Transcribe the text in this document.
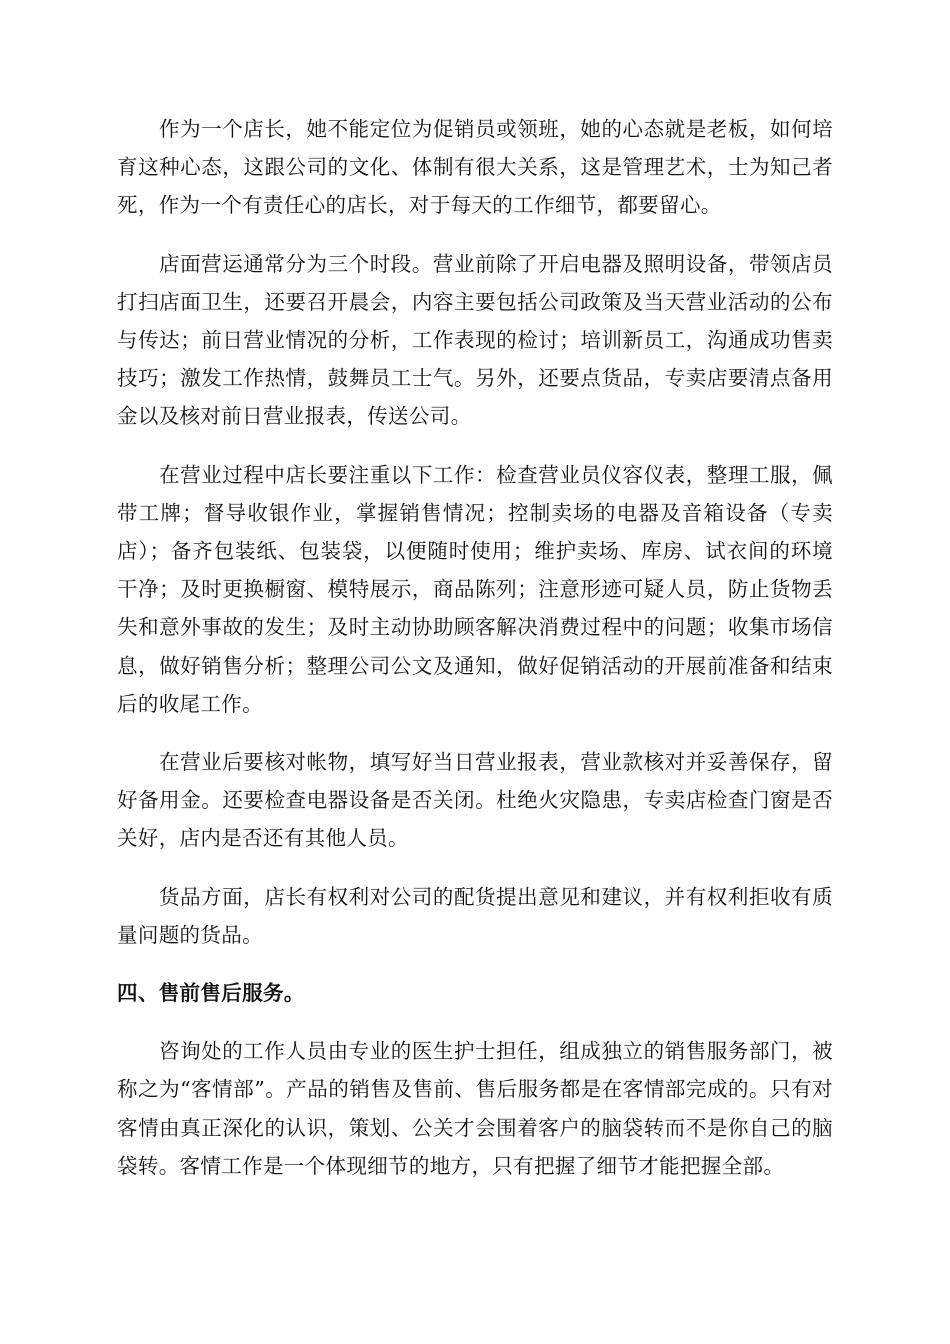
作为一个店长，她不能定位为促销员或领班，她的心态就是老板，如何培育这种心态，这跟公司的文化、体制有很大关系，这是管理艺术，士为知己者死，作为一个有责任心的店长，对于每天的工作细节，都要留心。

店面营运通常分为三个时段。营业前除了开启电器及照明设备，带领店员打扫店面卫生，还要召开晨会，内容主要包括公司政策及当天营业活动的公布与传达；前日营业情况的分析，工作表现的检讨；培训新员工，沟通成功售卖技巧；激发工作热情，鼓舞员工士气。另外，还要点货品，专卖店要清点备用金以及核对前日营业报表，传送公司。

在营业过程中店长要注重以下工作：检查营业员仪容仪表，整理工服，佩带工牌；督导收银作业，掌握销售情况；控制卖场的电器及音箱设备（专卖店）；备齐包装纸、包装袋，以便随时使用；维护卖场、库房、试衣间的环境干净；及时更换橱窗、模特展示，商品陈列；注意形迹可疑人员，防止货物丢失和意外事故的发生；及时主动协助顾客解决消费过程中的问题；收集市场信息，做好销售分析；整理公司公文及通知，做好促销活动的开展前准备和结束后的收尾工作。

在营业后要核对帐物，填写好当日营业报表，营业款核对并妥善保存，留好备用金。还要检查电器设备是否关闭。杜绝火灾隐患，专卖店检查门窗是否关好，店内是否还有其他人员。

货品方面，店长有权利对公司的配货提出意见和建议，并有权利拒收有质量问题的货品。

四、售前售后服务。

咨询处的工作人员由专业的医生护士担任，组成独立的销售服务部门，被称之为“客情部”。产品的销售及售前、售后服务都是在客情部完成的。只有对客情由真正深化的认识，策划、公关才会围着客户的脑袋转而不是你自己的脑袋转。客情工作是一个体现细节的地方，只有把握了细节才能把握全部。
